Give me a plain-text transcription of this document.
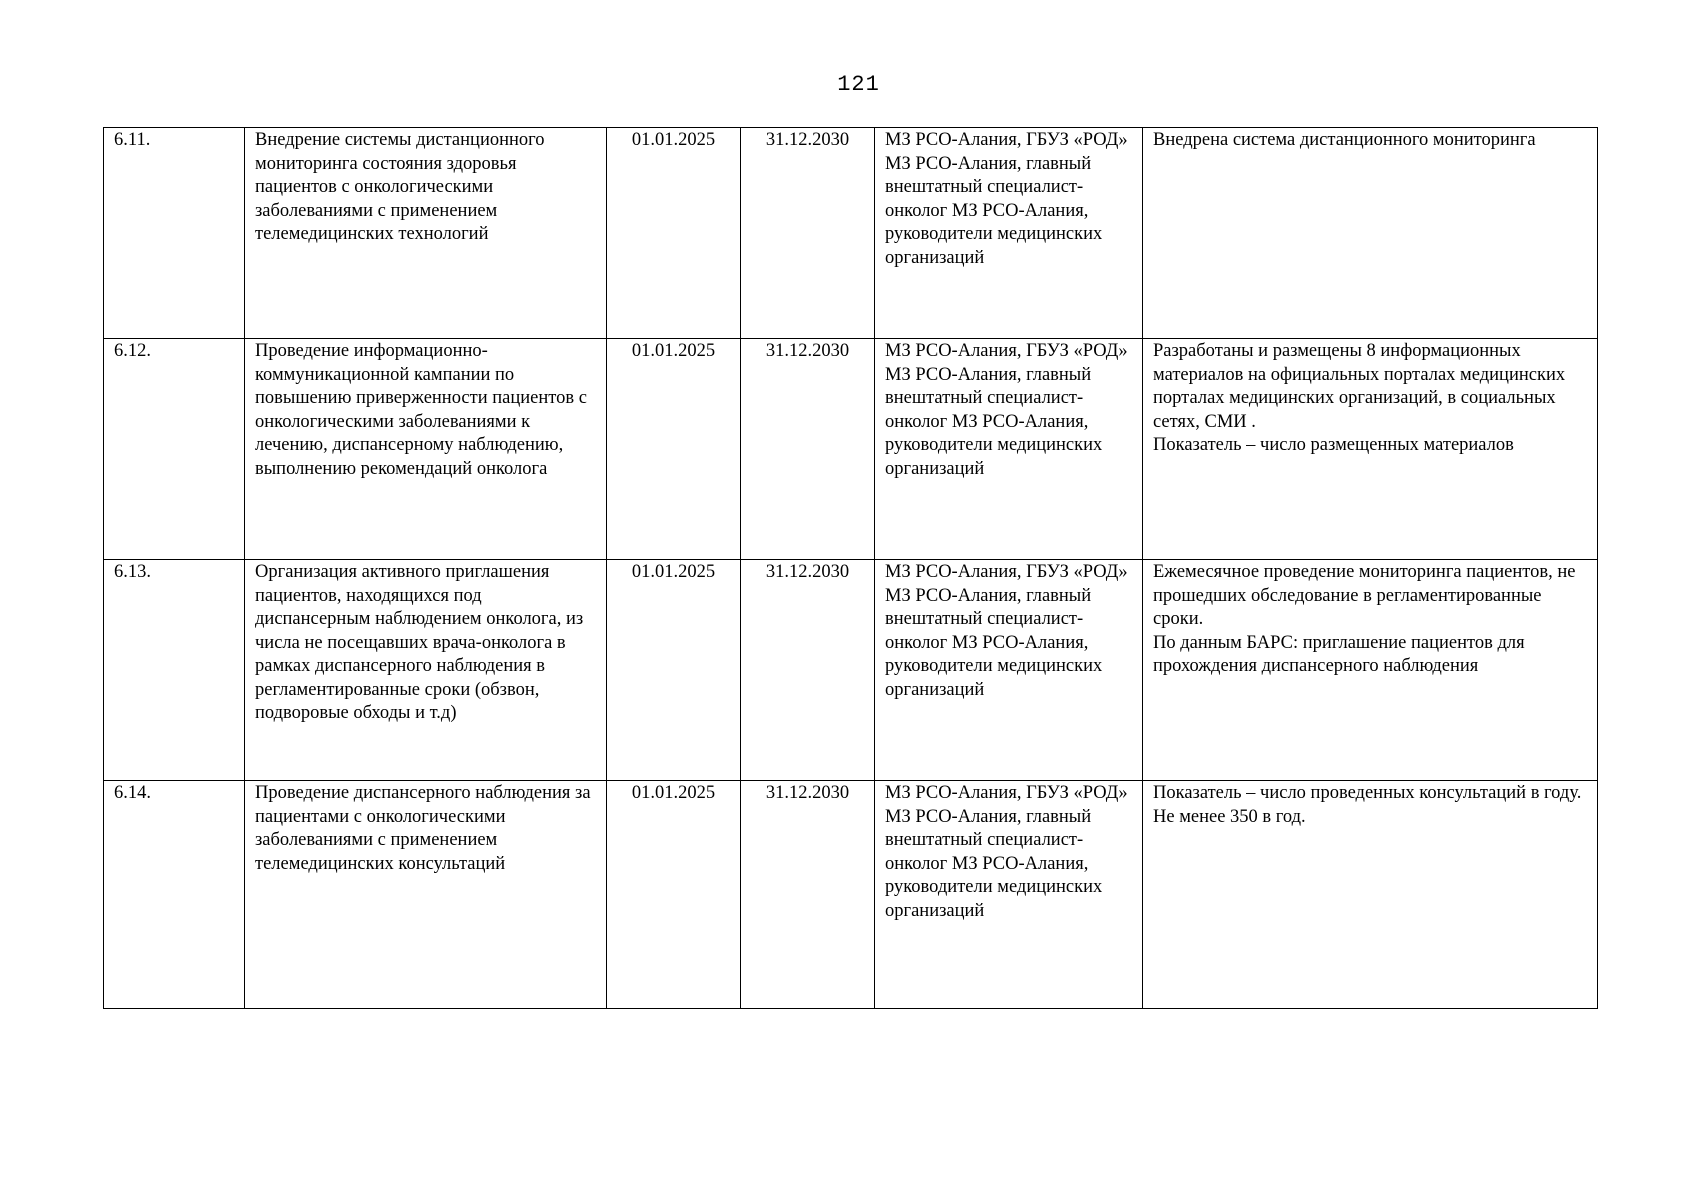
121
6.11.	Внедрение системы дистанционного мониторинга состояния здоровья пациентов с онкологическими заболеваниями с применением телемедицинских технологий	01.01.2025	31.12.2030	МЗ РСО-Алания, ГБУЗ «РОД» МЗ РСО-Алания, главный внештатный специалист-онколог МЗ РСО-Алания, руководители медицинских организаций	Внедрена система дистанционного мониторинга

6.12.	Проведение информационно-коммуникационной кампании по повышению приверженности пациентов с онкологическими заболеваниями к лечению, диспансерному наблюдению, выполнению рекомендаций онколога	01.01.2025	31.12.2030	МЗ РСО-Алания, ГБУЗ «РОД» МЗ РСО-Алания, главный внештатный специалист-онколог МЗ РСО-Алания, руководители медицинских организаций	Разработаны и размещены 8 информационных материалов на официальных порталах медицинских порталах медицинских организаций, в социальных сетях, СМИ .
Показатель – число размещенных материалов

6.13.	Организация активного приглашения пациентов, находящихся под диспансерным наблюдением онколога, из числа не посещавших врача-онколога в рамках диспансерного наблюдения в регламентированные сроки (обзвон, подворовые обходы и т.д)	01.01.2025	31.12.2030	МЗ РСО-Алания, ГБУЗ «РОД» МЗ РСО-Алания, главный внештатный специалист-онколог МЗ РСО-Алания, руководители медицинских организаций	Ежемесячное проведение мониторинга пациентов, не прошедших обследование в регламентированные сроки.
По данным БАРС: приглашение пациентов для прохождения диспансерного наблюдения

6.14.	Проведение диспансерного наблюдения за пациентами с онкологическими заболеваниями с применением телемедицинских консультаций	01.01.2025	31.12.2030	МЗ РСО-Алания, ГБУЗ «РОД» МЗ РСО-Алания, главный внештатный специалист-онколог МЗ РСО-Алания, руководители медицинских организаций	Показатель – число проведенных консультаций в году.
Не менее 350 в год.
